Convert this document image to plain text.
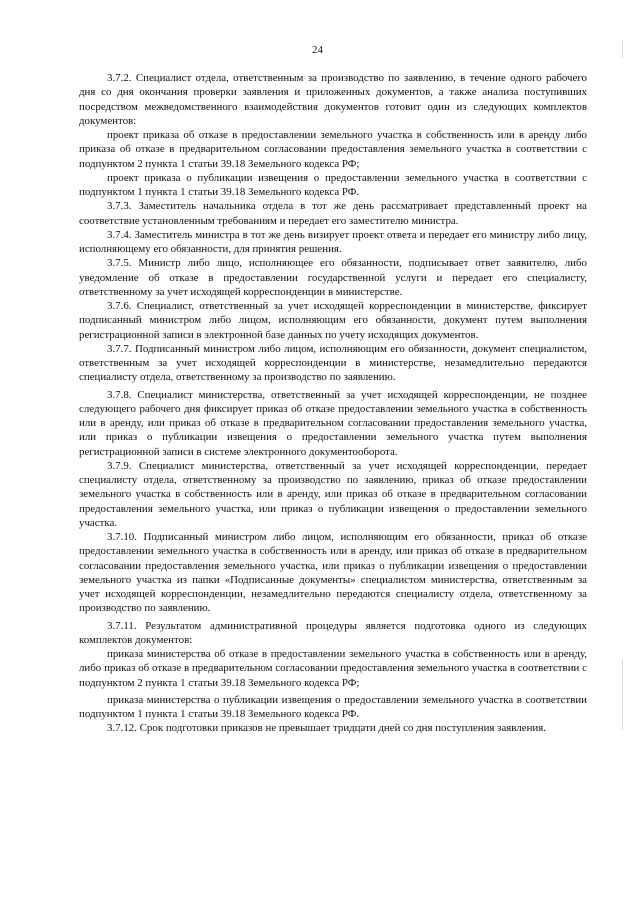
24

3.7.2. Специалист отдела, ответственным за производство по заявлению, в течение одного рабочего дня со дня окончания проверки заявления и приложенных документов, а также анализа поступивших посредством межведомственного взаимодействия документов готовит один из следующих комплектов документов:

проект приказа об отказе в предоставлении земельного участка в собственность или в аренду либо приказа об отказе в предварительном согласовании предоставления земельного участка в соответствии с подпунктом 2 пункта 1 статьи 39.18 Земельного кодекса РФ;

проект приказа о публикации извещения о предоставлении земельного участка в соответствии с подпунктом 1 пункта 1 статьи 39.18 Земельного кодекса РФ.

3.7.3. Заместитель начальника отдела в тот же день рассматривает представленный проект на соответствие установленным требованиям и передает его заместителю министра.

3.7.4. Заместитель министра в тот же день визирует проект ответа и передает его министру либо лицу, исполняющему его обязанности, для принятия решения.

3.7.5. Министр либо лицо, исполняющее его обязанности, подписывает ответ заявителю, либо уведомление об отказе в предоставлении государственной услуги и передает его специалисту, ответственному за учет исходящей корреспонденции в министерстве.

3.7.6. Специалист, ответственный за учет исходящей корреспонденции в министерстве, фиксирует подписанный министром либо лицом, исполняющим его обязанности, документ путем выполнения регистрационной записи в электронной базе данных по учету исходящих документов.

3.7.7. Подписанный министром либо лицом, исполняющим его обязанности, документ специалистом, ответственным за учет исходящей корреспонденции в министерстве, незамедлительно передаются специалисту отдела, ответственному за производство по заявлению.

3.7.8. Специалист министерства, ответственный за учет исходящей корреспонденции, не позднее следующего рабочего дня фиксирует приказ об отказе предоставлении земельного участка в собственность или в аренду, или приказ об отказе в предварительном согласовании предоставления земельного участка, или приказ о публикации извещения о предоставлении земельного участка путем выполнения регистрационной записи в системе электронного документооборота.

3.7.9. Специалист министерства, ответственный за учет исходящей корреспонденции, передает специалисту отдела, ответственному за производство по заявлению, приказ об отказе предоставлении земельного участка в собственность или в аренду, или приказ об отказе в предварительном согласовании предоставления земельного участка, или приказ о публикации извещения о предоставлении земельного участка.

3.7.10. Подписанный министром либо лицом, исполняющим его обязанности, приказ об отказе предоставлении земельного участка в собственность или в аренду, или приказ об отказе в предварительном согласовании предоставления земельного участка, или приказ о публикации извещения о предоставлении земельного участка из папки «Подписанные документы» специалистом министерства, ответственным за учет исходящей корреспонденции, незамедлительно передаются специалисту отдела, ответственному за производство по заявлению.

3.7.11. Результатом административной процедуры является подготовка одного из следующих комплектов документов:

приказа министерства об отказе в предоставлении земельного участка в собственность или в аренду, либо приказ об отказе в предварительном согласовании предоставления земельного участка в соответствии с подпунктом 2 пункта 1 статьи 39.18 Земельного кодекса РФ;

приказа министерства о публикации извещения о предоставлении земельного участка в соответствии подпунктом 1 пункта 1 статьи 39.18 Земельного кодекса РФ.

3.7.12. Срок подготовки приказов не превышает тридцати дней со дня поступления заявления.
